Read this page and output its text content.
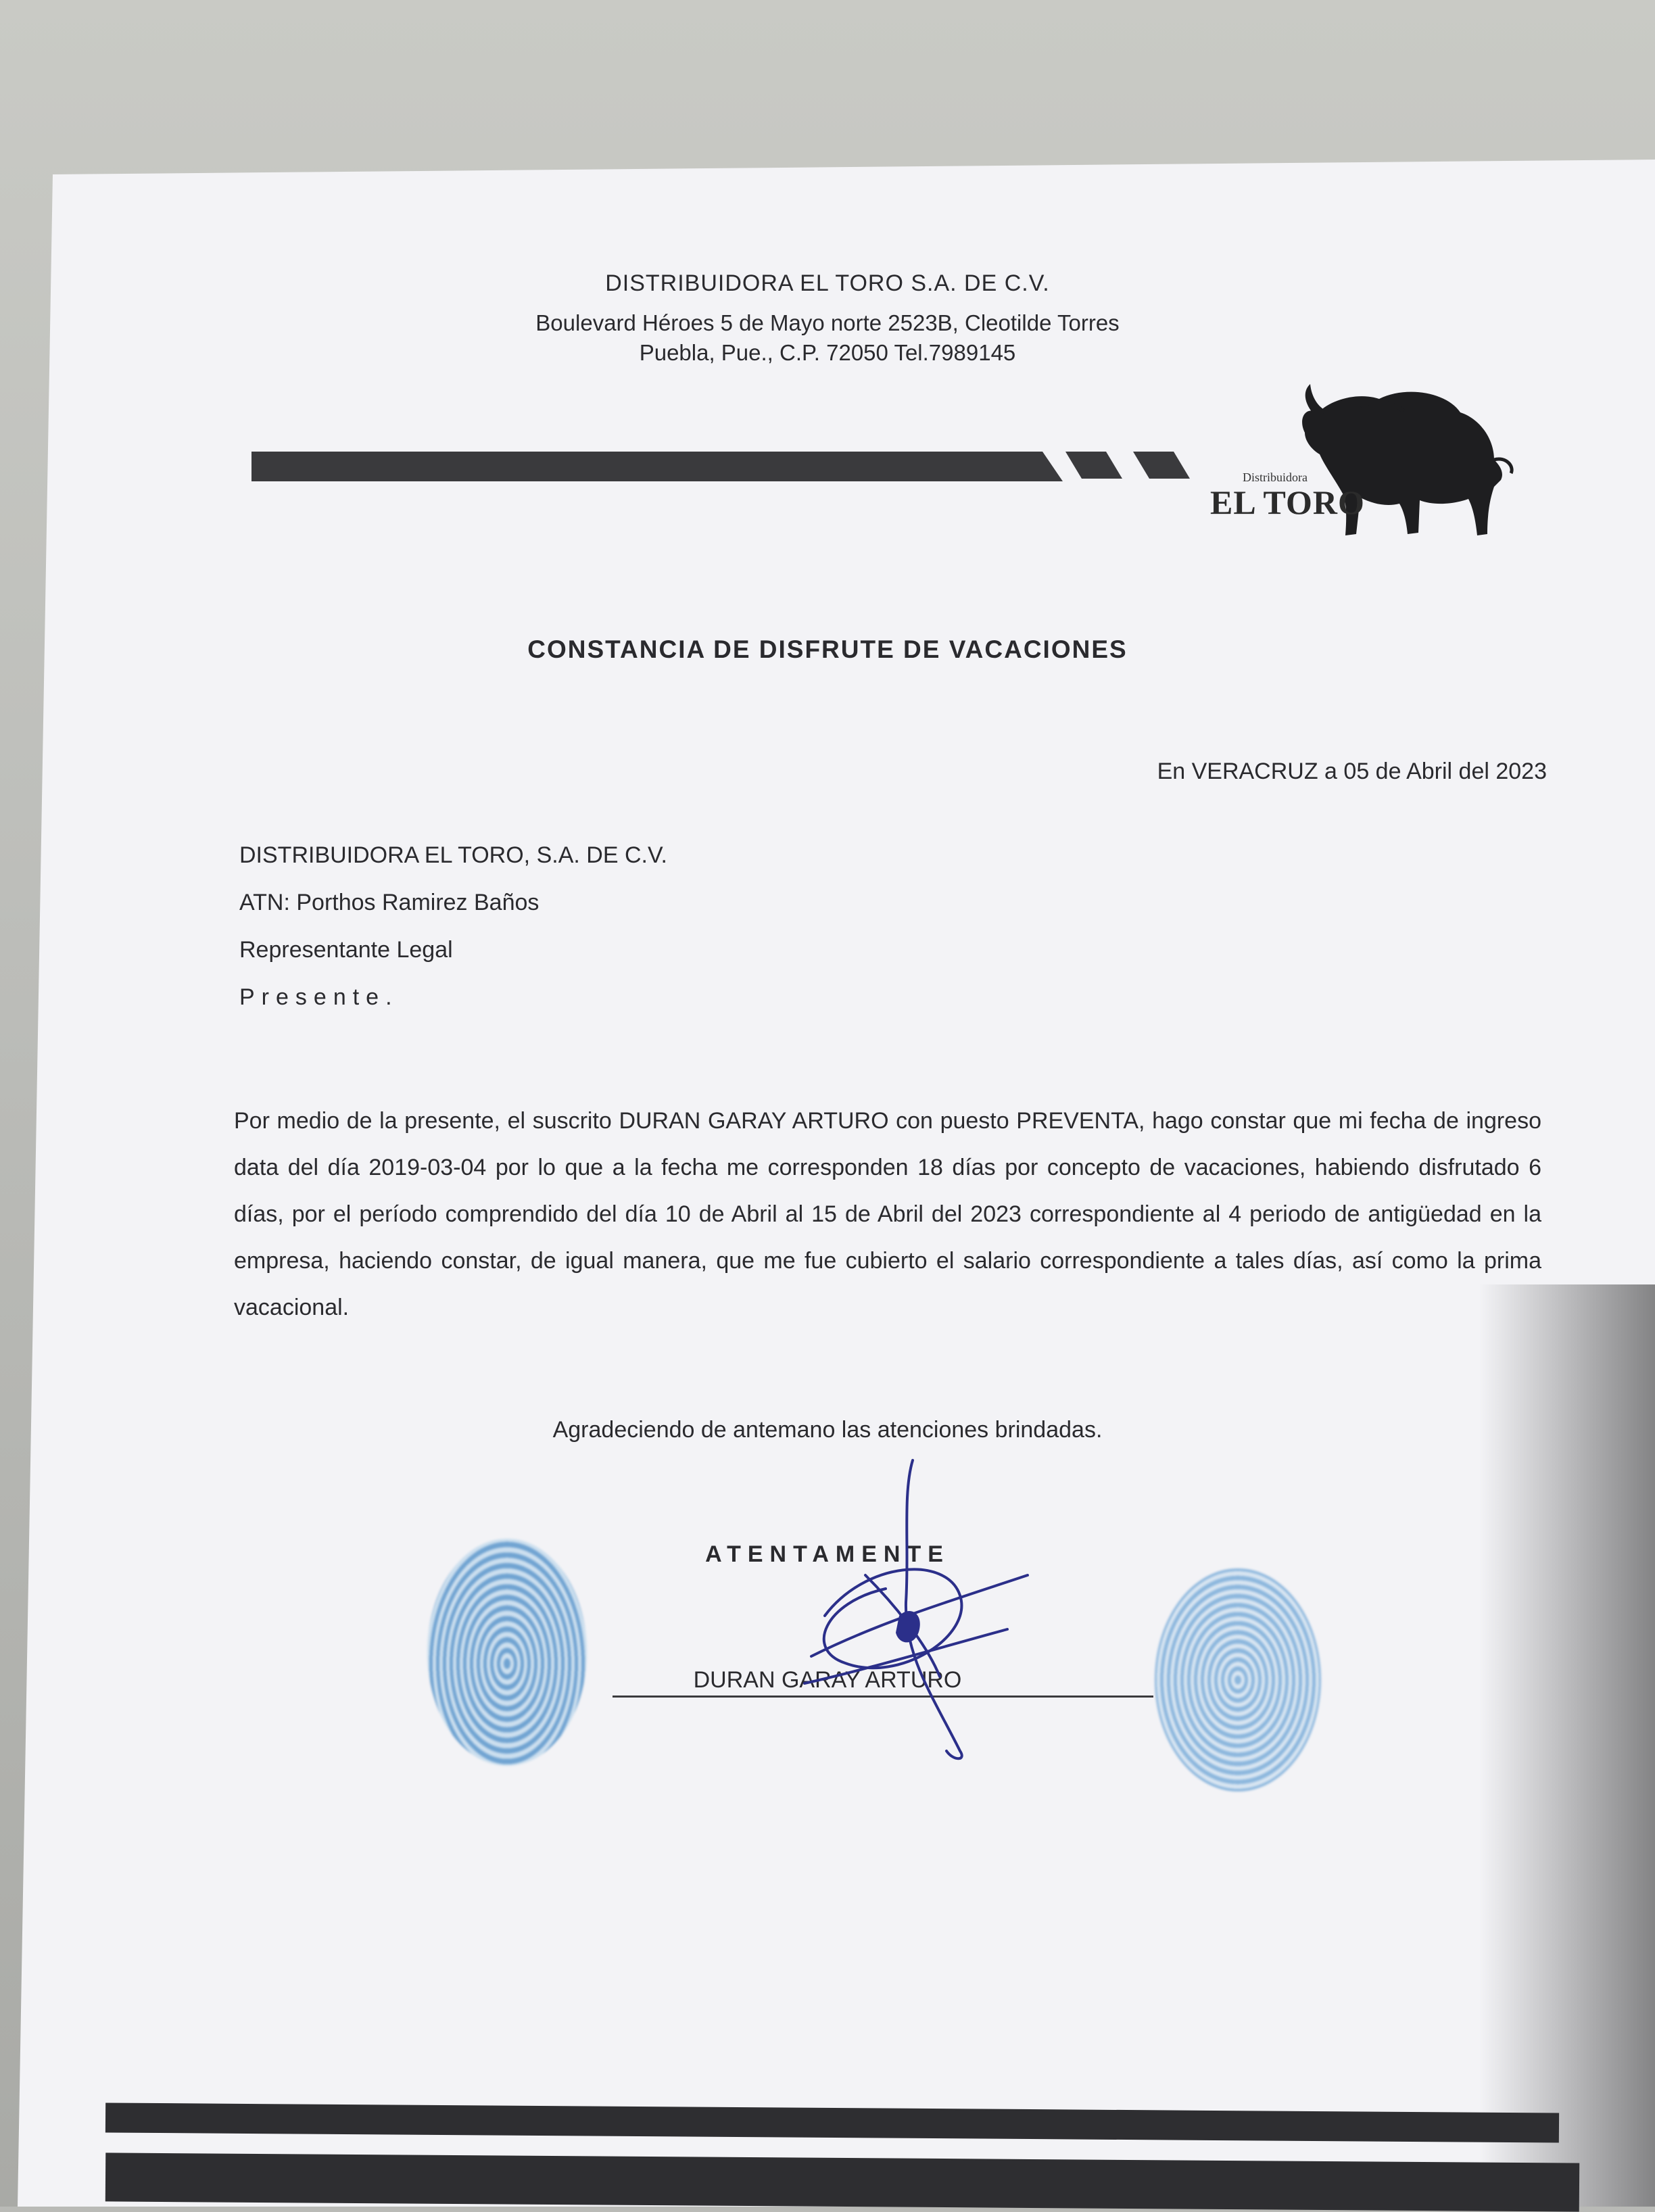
DISTRIBUIDORA EL TORO S.A. DE C.V.
Boulevard Héroes 5 de Mayo norte 2523B, Cleotilde Torres
Puebla, Pue., C.P. 72050 Tel.7989145
Distribuidora
EL TORO
CONSTANCIA DE DISFRUTE DE VACACIONES
En VERACRUZ a 05 de Abril del 2023
DISTRIBUIDORA EL TORO, S.A. DE C.V.
ATN: Porthos Ramirez Baños
Representante Legal
Presente.
Por medio de la presente, el suscrito DURAN GARAY ARTURO con puesto PREVENTA, hago constar que mi fecha de ingreso data del día 2019-03-04 por lo que a la fecha me corresponden 18 días por concepto de vacaciones, habiendo disfrutado 6 días, por el período comprendido del día 10 de Abril al 15 de Abril del 2023 correspondiente al 4 periodo de antigüedad en la empresa, haciendo constar, de igual manera, que me fue cubierto el salario correspondiente a tales días, así como la prima vacacional.
Agradeciendo de antemano las atenciones brindadas.
ATENTAMENTE
DURAN GARAY ARTURO
